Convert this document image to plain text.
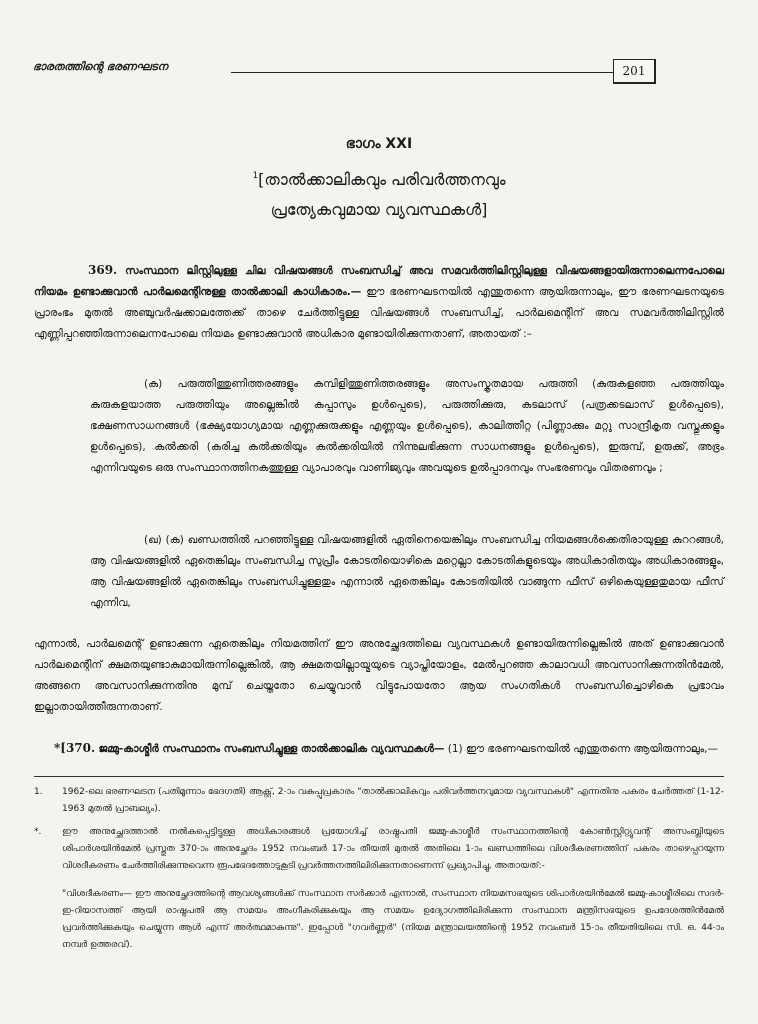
ഭാരതത്തിന്റെ ഭരണഘടന	201
ഭാഗം XXI
$^1$[താൽക്കാലികവും പരിവർത്തനവും
പ്രത്യേകവുമായ വ്യവസ്ഥകൾ]
369. സംസ്ഥാന ലിസ്റ്റിലുള്ള ചില വിഷയങ്ങൾ സംബന്ധിച്ച് അവ സമവർത്തിലിസ്റ്റിലുള്ള വിഷയങ്ങളായിരുന്നാലെന്നപോലെ നിയമം ഉണ്ടാക്കുവാൻ പാർലമെന്റിനുള്ള താൽക്കാലി കാധികാരം.— ഈ ഭരണഘടനയിൽ എന്തുതന്നെ ആയിരുന്നാലും, ഈ ഭരണഘടനയുടെ പ്രാരംഭം മുതൽ അഞ്ചുവർഷക്കാലത്തേക്ക് താഴെ ചേർത്തിട്ടുള്ള വിഷയങ്ങൾ സംബന്ധിച്ച്, പാർലമെന്റിന് അവ സമവർത്തിലിസ്റ്റിൽ എണ്ണിപ്പറഞ്ഞിരുന്നാലെന്നപോലെ നിയമം ഉണ്ടാക്കുവാൻ അധികാര മുണ്ടായിരിക്കുന്നതാണ്, അതായത് :–
(ക) പരുത്തിത്തുണിത്തരങ്ങളും കമ്പിളിത്തുണിത്തരങ്ങളും അസംസ്കൃതമായ പരുത്തി (കുരുകളഞ്ഞ പരുത്തിയും കുരുകളയാത്ത പരുത്തിയും അല്ലെങ്കിൽ കപ്പാസും ഉൾപ്പെടെ), പരുത്തിക്കുരു, കടലാസ് (പത്രക്കടലാസ് ഉൾപ്പെടെ), ഭക്ഷണസാധനങ്ങൾ (ഭക്ഷ്യയോഗ്യമായ എണ്ണക്കുരുക്കളും എണ്ണയും ഉൾപ്പെടെ), കാലിത്തീറ്റ (പിണ്ണാക്കും മറ്റു സാന്ദ്രീകൃത വസ്തുക്കളും ഉൾപ്പെടെ), കൽക്കരി (കരിച്ച കൽക്കരിയും കൽക്കരിയിൽ നിന്നുലഭിക്കുന്ന സാധനങ്ങളും ഉൾപ്പെടെ), ഇരുമ്പ്, ഉരുക്ക്, അഭ്രം എന്നിവയുടെ ഒരു സംസ്ഥാനത്തിനകത്തുള്ള വ്യാപാരവും വാണിജ്യവും അവയുടെ ഉൽപ്പാദനവും സംഭരണവും വിതരണവും ;
(ഖ) (ക) ഖണ്ഡത്തിൽ പറഞ്ഞിട്ടുള്ള വിഷയങ്ങളിൽ ഏതിനെയെങ്കിലും സംബന്ധിച്ച നിയമങ്ങൾക്കെതിരായുള്ള കുററങ്ങൾ, ആ വിഷയങ്ങളിൽ ഏതെങ്കിലും സംബന്ധിച്ച സുപ്രീം കോടതിയൊഴികെ മറ്റെല്ലാ കോടതികളുടെയും അധികാരിതയും അധികാരങ്ങളും, ആ വിഷയങ്ങളിൽ ഏതെങ്കിലും സംബന്ധിച്ചുള്ളതും എന്നാൽ ഏതെങ്കിലും കോടതിയിൽ വാങ്ങുന്ന ഫീസ് ഒഴികെയുള്ളതുമായ ഫീസ് എന്നിവ,
എന്നാൽ, പാർലമെന്റ് ഉണ്ടാക്കുന്ന ഏതെങ്കിലും നിയമത്തിന് ഈ അനുച്ഛേദത്തിലെ വ്യവസ്ഥകൾ ഉണ്ടായിരുന്നില്ലെങ്കിൽ അത് ഉണ്ടാക്കുവാൻ പാർലമെന്റിന് ക്ഷമതയുണ്ടാകുമായിരുന്നില്ലെങ്കിൽ, ആ ക്ഷമതയില്ലായ്മയുടെ വ്യാപ്തിയോളം, മേൽപ്പറഞ്ഞ കാലാവധി അവസാനിക്കുന്നതിൻമേൽ, അങ്ങനെ അവസാനിക്കുന്നതിനു മുമ്പ് ചെയ്തതോ ചെയ്യുവാൻ വിട്ടുപോയതോ ആയ സംഗതികൾ സംബന്ധിച്ചൊഴികെ പ്രഭാവം ഇല്ലാതായിത്തീരുന്നതാണ്.
*[370. ജമ്മു-കാശ്മീർ സംസ്ഥാനം സംബന്ധിച്ചുള്ള താൽക്കാലിക വ്യവസ്ഥകൾ— (1) ഈ ഭരണഘടനയിൽ എന്തുതന്നെ ആയിരുന്നാലും,—
1. 1962-ലെ ഭരണഘടന (പതിമൂന്നാം ഭേദഗതി) ആക്റ്റ്, 2-ാം വകുപ്പുപ്രകാരം "താൽക്കാലികവും പരിവർത്തനവുമായ വ്യവസ്ഥകൾ" എന്നതിനു പകരം ചേർത്തത് (1-12-1963 മുതൽ പ്രാബല്യം).
*. ഈ അനുച്ഛേദത്താൽ നൽകപ്പെട്ടിട്ടുള്ള അധികാരങ്ങൾ പ്രയോഗിച്ച് രാഷ്ട്രപതി ജമ്മു-കാശ്മീർ സംസ്ഥാനത്തിന്റെ കോൺസ്റ്റിറ്റ്യുവന്റ് അസംബ്ലിയുടെ ശിപാർശയിൻമേൽ പ്രസ്തുത 370-ാം അനുച്ഛേദം 1952 നവംബർ 17-ാം തീയതി മുതൽ അതിലെ 1-ാം ഖണ്ഡത്തിലെ വിശദീകരണത്തിന് പകരം താഴെപ്പറയുന്ന വിശദീകരണം ചേർത്തിരിക്കുന്നുവെന്ന രൂപഭേദത്തോടുകൂടി പ്രവർത്തനത്തിലിരിക്കുന്നതാണെന്ന് പ്രഖ്യാപിച്ചു, അതായത്:-
"വിശദീകരണം— ഈ അനുച്ഛേദത്തിന്റെ ആവശ്യങ്ങൾക്ക് സംസ്ഥാന സർക്കാർ എന്നാൽ, സംസ്ഥാന നിയമസഭയുടെ ശിപാർശയിൻമേൽ ജമ്മു-കാശ്മീരിലെ സദർ-ഇ-റിയാസത്ത് ആയി രാഷ്ട്രപതി ആ സമയം അംഗീകരിക്കുകയും ആ സമയം ഉദ്യോഗത്തിലിരിക്കുന്ന സംസ്ഥാന മന്ത്രിസഭയുടെ ഉപദേശത്തിൻമേൽ പ്രവർത്തിക്കുകയും ചെയ്യുന്ന ആൾ എന്ന് അർത്ഥമാകുന്നു". ഇപ്പോൾ "ഗവർണ്ണർ" (നിയമ മന്ത്രാലയത്തിന്റെ 1952 നവംബർ 15-ാം തീയതിയിലെ സി. ഒ. 44-ാം നമ്പർ ഉത്തരവ്).
